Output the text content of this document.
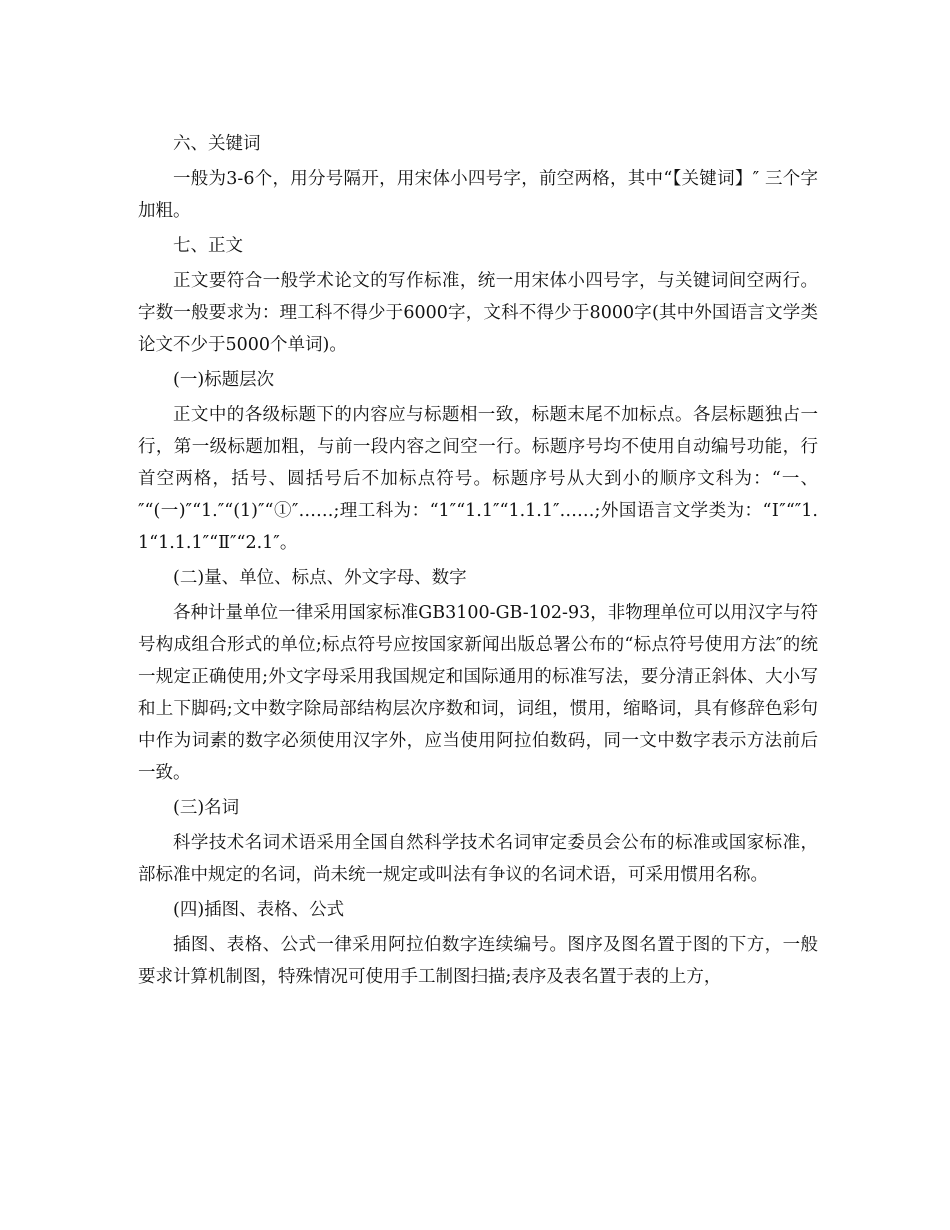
六、关键词

一般为3-6个，用分号隔开，用宋体小四号字，前空两格，其中“【关键词】″ 三个字加粗。

七、正文

正文要符合一般学术论文的写作标准，统一用宋体小四号字，与关键词间空两行。字数一般要求为：理工科不得少于6000字，文科不得少于8000字(其中外国语言文学类论文不少于5000个单词)。

(一)标题层次

正文中的各级标题下的内容应与标题相一致，标题末尾不加标点。各层标题独占一行，第一级标题加粗，与前一段内容之间空一行。标题序号均不使用自动编号功能，行首空两格，括号、圆括号后不加标点符号。标题序号从大到小的顺序文科为：“一、″“(一)″“1.″“(1)″“①″……;理工科为：“1″“1.1″“1.1.1″……;外国语言文学类为：“Ⅰ″“″1.1“1.1.1″“Ⅱ″“2.1″。

(二)量、单位、标点、外文字母、数字

各种计量单位一律采用国家标准GB3100-GB-102-93，非物理单位可以用汉字与符号构成组合形式的单位;标点符号应按国家新闻出版总署公布的“标点符号使用方法″的统一规定正确使用;外文字母采用我国规定和国际通用的标准写法，要分清正斜体、大小写和上下脚码;文中数字除局部结构层次序数和词，词组，惯用，缩略词，具有修辞色彩句中作为词素的数字必须使用汉字外，应当使用阿拉伯数码，同一文中数字表示方法前后一致。

(三)名词

科学技术名词术语采用全国自然科学技术名词审定委员会公布的标准或国家标准，部标准中规定的名词，尚未统一规定或叫法有争议的名词术语，可采用惯用名称。

(四)插图、表格、公式

插图、表格、公式一律采用阿拉伯数字连续编号。图序及图名置于图的下方，一般要求计算机制图，特殊情况可使用手工制图扫描;表序及表名置于表的上方，
